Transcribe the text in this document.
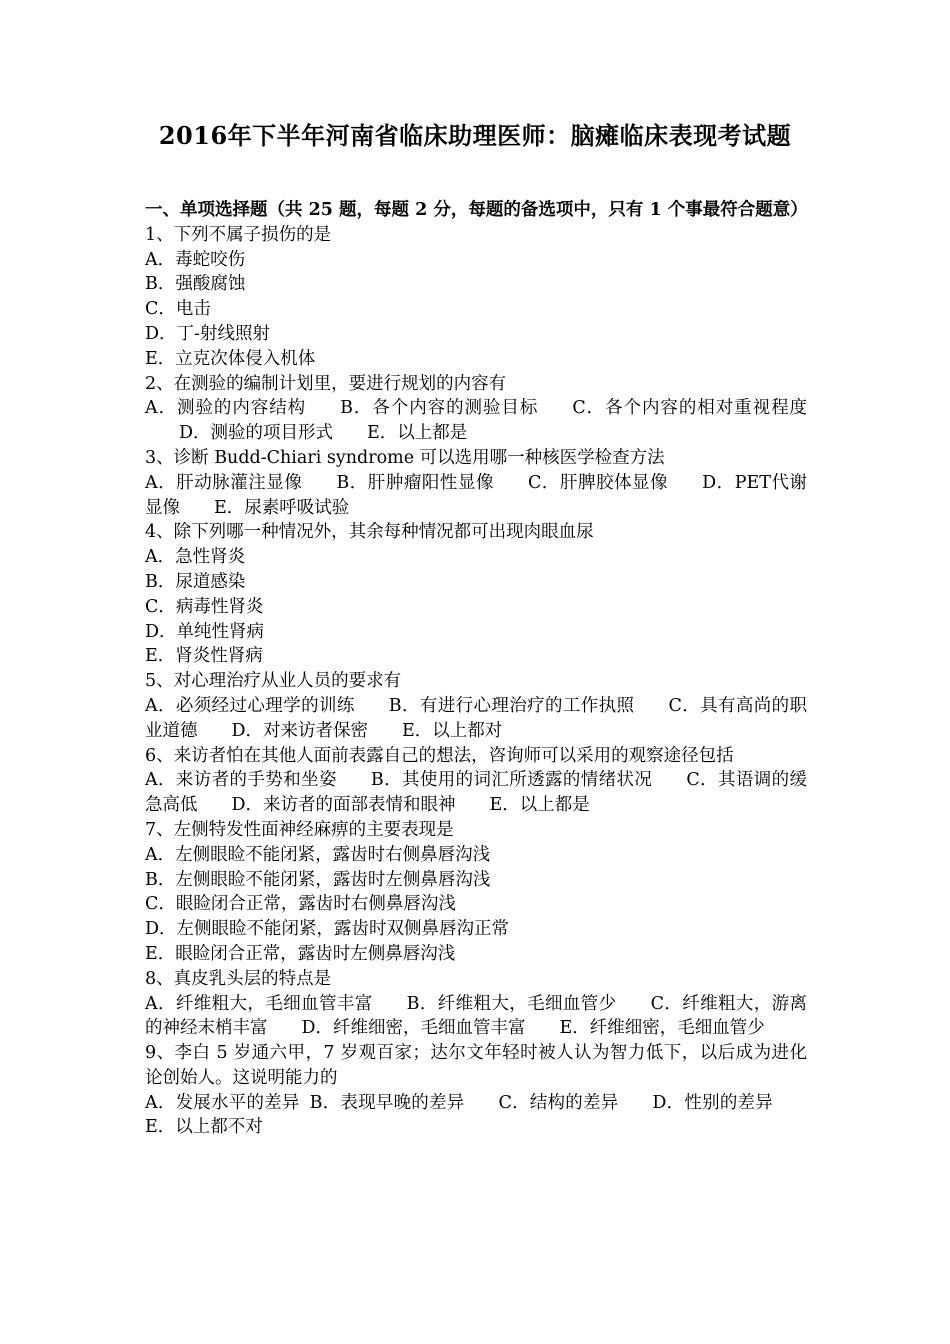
2016年下半年河南省临床助理医师：脑瘫临床表现考试题
一、单项选择题（共 25 题，每题 2 分，每题的备选项中，只有 1 个事最符合题意）
1、下列不属子损伤的是
A．毒蛇咬伤
B．强酸腐蚀
C．电击
D．丁-射线照射
E．立克次体侵入机体
2、在测验的编制计划里，要进行规划的内容有
A．测验的内容结构 B．各个内容的测验目标 C．各个内容的相对重视程度D．测验的项目形式 E．以上都是
3、诊断 Budd-Chiari syndrome 可以选用哪一种核医学检查方法
A．肝动脉灌注显像 B．肝肿瘤阳性显像 C．肝脾胶体显像 D．PET代谢显像 E．尿素呼吸试验
4、除下列哪一种情况外，其余每种情况都可出现肉眼血尿
A．急性肾炎
B．尿道感染
C．病毒性肾炎
D．单纯性肾病
E．肾炎性肾病
5、对心理治疗从业人员的要求有
A．必须经过心理学的训练 B．有进行心理治疗的工作执照 C．具有高尚的职业道德 D．对来访者保密 E．以上都对
6、来访者怕在其他人面前表露自己的想法，咨询师可以采用的观察途径包括
A．来访者的手势和坐姿 B．其使用的词汇所透露的情绪状况 C．其语调的缓急高低 D．来访者的面部表情和眼神 E．以上都是
7、左侧特发性面神经麻痹的主要表现是
A．左侧眼睑不能闭紧，露齿时右侧鼻唇沟浅
B．左侧眼睑不能闭紧，露齿时左侧鼻唇沟浅
C．眼睑闭合正常，露齿时右侧鼻唇沟浅
D．左侧眼睑不能闭紧，露齿时双侧鼻唇沟正常
E．眼睑闭合正常，露齿时左侧鼻唇沟浅
8、真皮乳头层的特点是
A．纤维粗大，毛细血管丰富 B．纤维粗大，毛细血管少 C．纤维粗大，游离的神经末梢丰富 D．纤维细密，毛细血管丰富 E．纤维细密，毛细血管少
9、李白 5 岁通六甲，7 岁观百家；达尔文年轻时被人认为智力低下，以后成为进化论创始人。这说明能力的
A．发展水平的差异 B．表现早晚的差异 C．结构的差异 D．性别的差异E．以上都不对
